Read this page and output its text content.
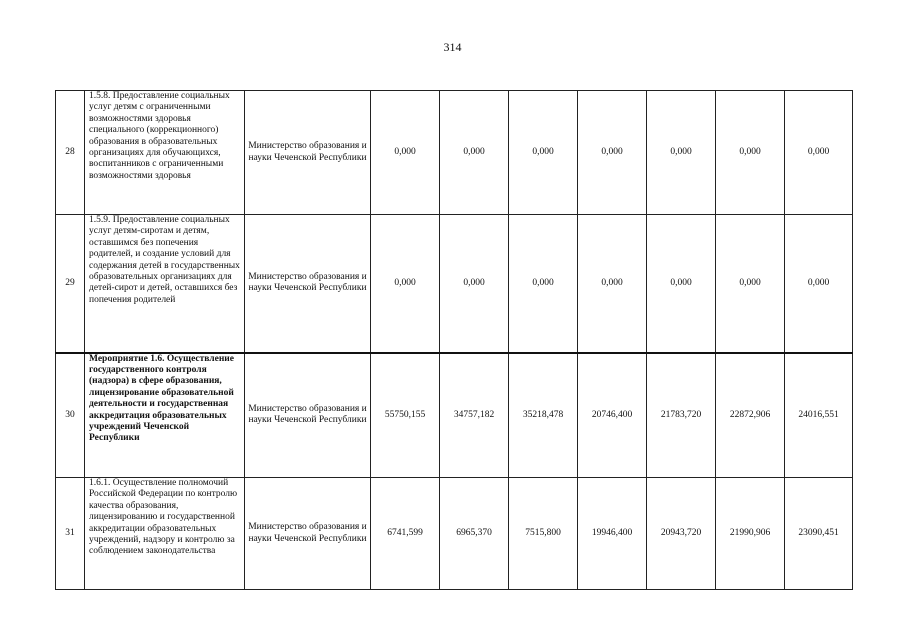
314
28	1.5.8. Предоставление социальных услуг детям с ограниченными возможностями здоровья специального (коррекционного) образования в образовательных организациях для обучающихся, воспитанников с ограниченными возможностями здоровья	Министерство образования и науки Чеченской Республики	0,000	0,000	0,000	0,000	0,000	0,000	0,000
29	1.5.9. Предоставление социальных услуг детям-сиротам и детям, оставшимся без попечения родителей, и создание условий для содержания детей в государственных образовательных организациях для детей-сирот и детей, оставшихся без попечения родителей	Министерство образования и науки Чеченской Республики	0,000	0,000	0,000	0,000	0,000	0,000	0,000
30	Мероприятие 1.6. Осуществление государственного контроля (надзора) в сфере образования, лицензирование образовательной деятельности и государственная аккредитация образовательных учреждений Чеченской Республики	Министерство образования и науки Чеченской Республики	55750,155	34757,182	35218,478	20746,400	21783,720	22872,906	24016,551
31	1.6.1. Осуществление полномочий Российской Федерации по контролю качества образования, лицензированию и государственной аккредитации образовательных учреждений, надзору и контролю за соблюдением законодательства	Министерство образования и науки Чеченской Республики	6741,599	6965,370	7515,800	19946,400	20943,720	21990,906	23090,451
